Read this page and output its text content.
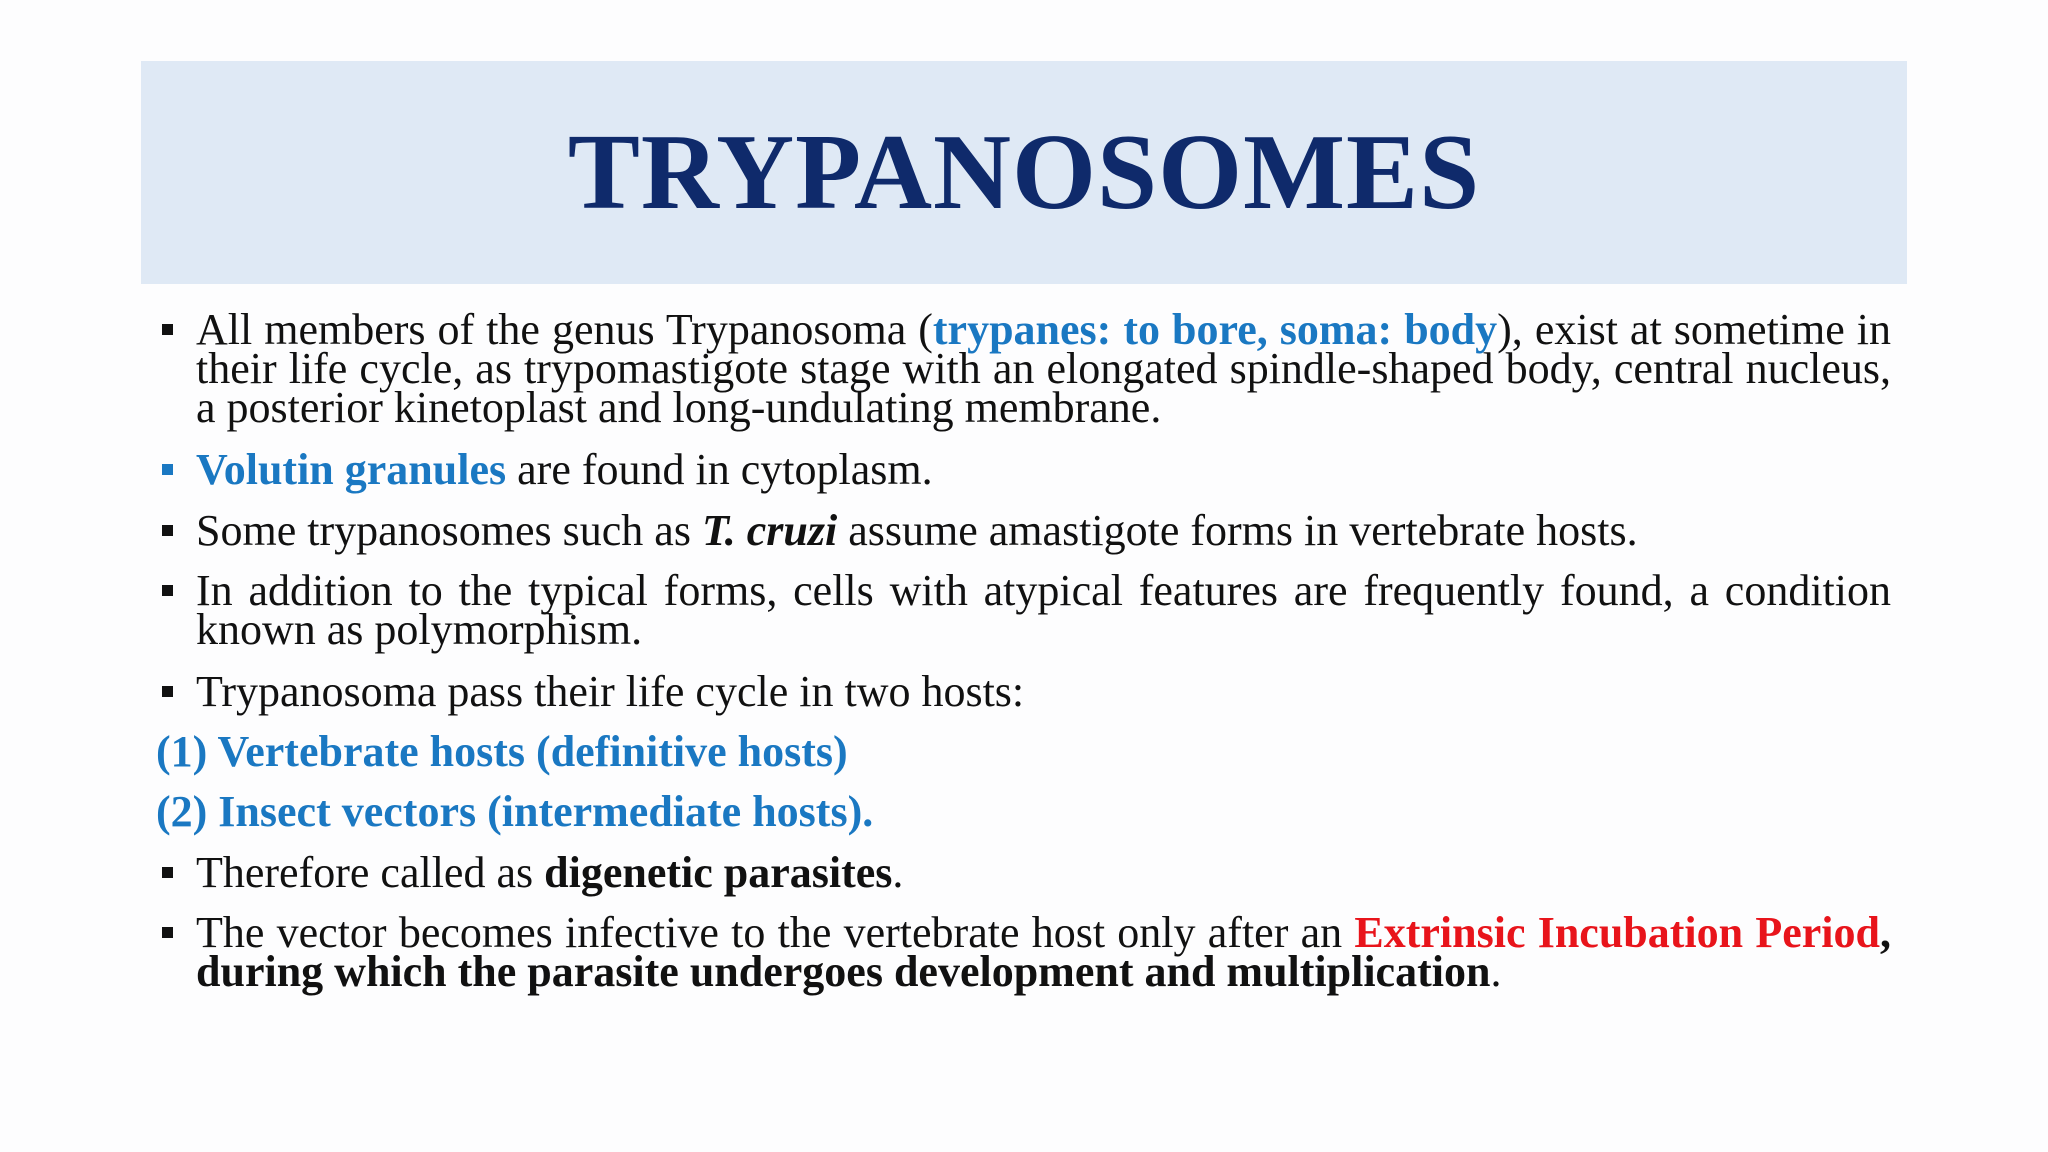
TRYPANOSOMES
All members of the genus Trypanosoma (trypanes: to bore, soma: body), exist at sometime in their life cycle, as trypomastigote stage with an elongated spindle-shaped body, central nucleus, a posterior kinetoplast and long-undulating membrane.
Volutin granules are found in cytoplasm.
Some trypanosomes such as T. cruzi assume amastigote forms in vertebrate hosts.
In addition to the typical forms, cells with atypical features are frequently found, a condition known as polymorphism.
Trypanosoma pass their life cycle in two hosts:
(1) Vertebrate hosts (definitive hosts)
(2) Insect vectors (intermediate hosts).
Therefore called as digenetic parasites.
The vector becomes infective to the vertebrate host only after an Extrinsic Incubation Period, during which the parasite undergoes development and multiplication.
